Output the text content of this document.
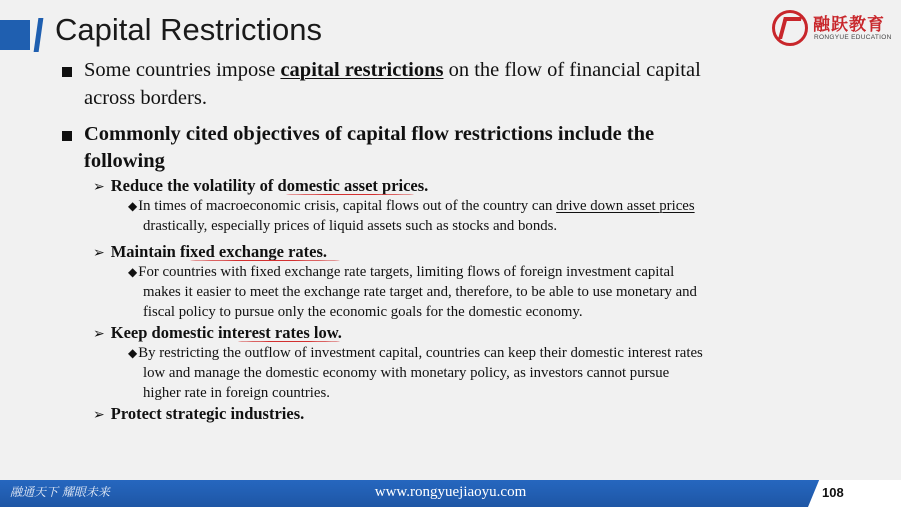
Capital Restrictions	融跃教育
RONGYUE EDUCATION
Some countries impose capital restrictions on the flow of financial capital
across borders.
Commonly cited objectives of capital flow restrictions include the
following
➢ Reduce the volatility of domestic asset prices.
◆In times of macroeconomic crisis, capital flows out of the country can drive down asset prices
drastically, especially prices of liquid assets such as stocks and bonds.
➢ Maintain fixed exchange rates.
◆For countries with fixed exchange rate targets, limiting flows of foreign investment capital
makes it easier to meet the exchange rate target and, therefore, to be able to use monetary and
fiscal policy to pursue only the economic goals for the domestic economy.
➢ Keep domestic interest rates low.
◆By restricting the outflow of investment capital, countries can keep their domestic interest rates
low and manage the domestic economy with monetary policy, as investors cannot pursue
higher rate in foreign countries.
➢ Protect strategic industries.
融通天下 耀眼未来	www.rongyuejiaoyu.com	108
